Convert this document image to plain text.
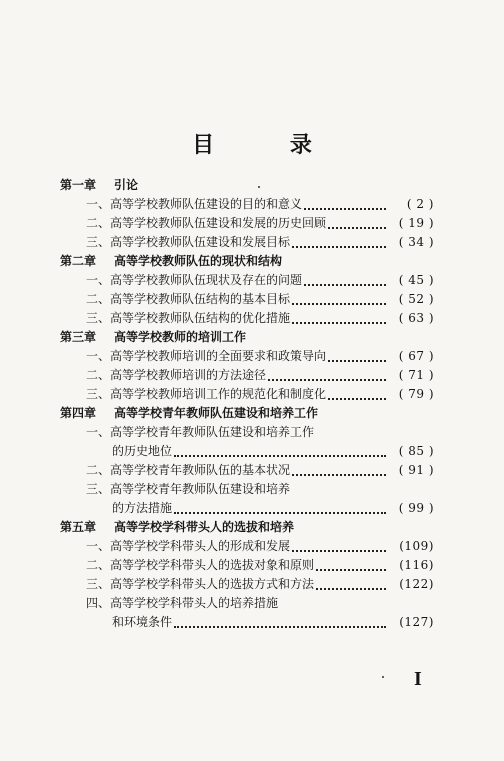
目 录
第一章 引论
一、高等学校教师队伍建设的目的和意义	( 2 )
二、高等学校教师队伍建设和发展的历史回顾	( 19 )
三、高等学校教师队伍建设和发展目标	( 34 )
第二章 高等学校教师队伍的现状和结构
一、高等学校教师队伍现状及存在的问题	( 45 )
二、高等学校教师队伍结构的基本目标	( 52 )
三、高等学校教师队伍结构的优化措施	( 63 )
第三章 高等学校教师的培训工作
一、高等学校教师培训的全面要求和政策导向	( 67 )
二、高等学校教师培训的方法途径	( 71 )
三、高等学校教师培训工作的规范化和制度化	( 79 )
第四章 高等学校青年教师队伍建设和培养工作
一、高等学校青年教师队伍建设和培养工作
的历史地位	( 85 )
二、高等学校青年教师队伍的基本状况	( 91 )
三、高等学校青年教师队伍建设和培养
的方法措施	( 99 )
第五章 高等学校学科带头人的选拔和培养
一、高等学校学科带头人的形成和发展	(109)
二、高等学校学科带头人的选拔对象和原则	(116)
三、高等学校学科带头人的选拔方式和方法	(122)
四、高等学校学科带头人的培养措施
和环境条件	(127)
I
